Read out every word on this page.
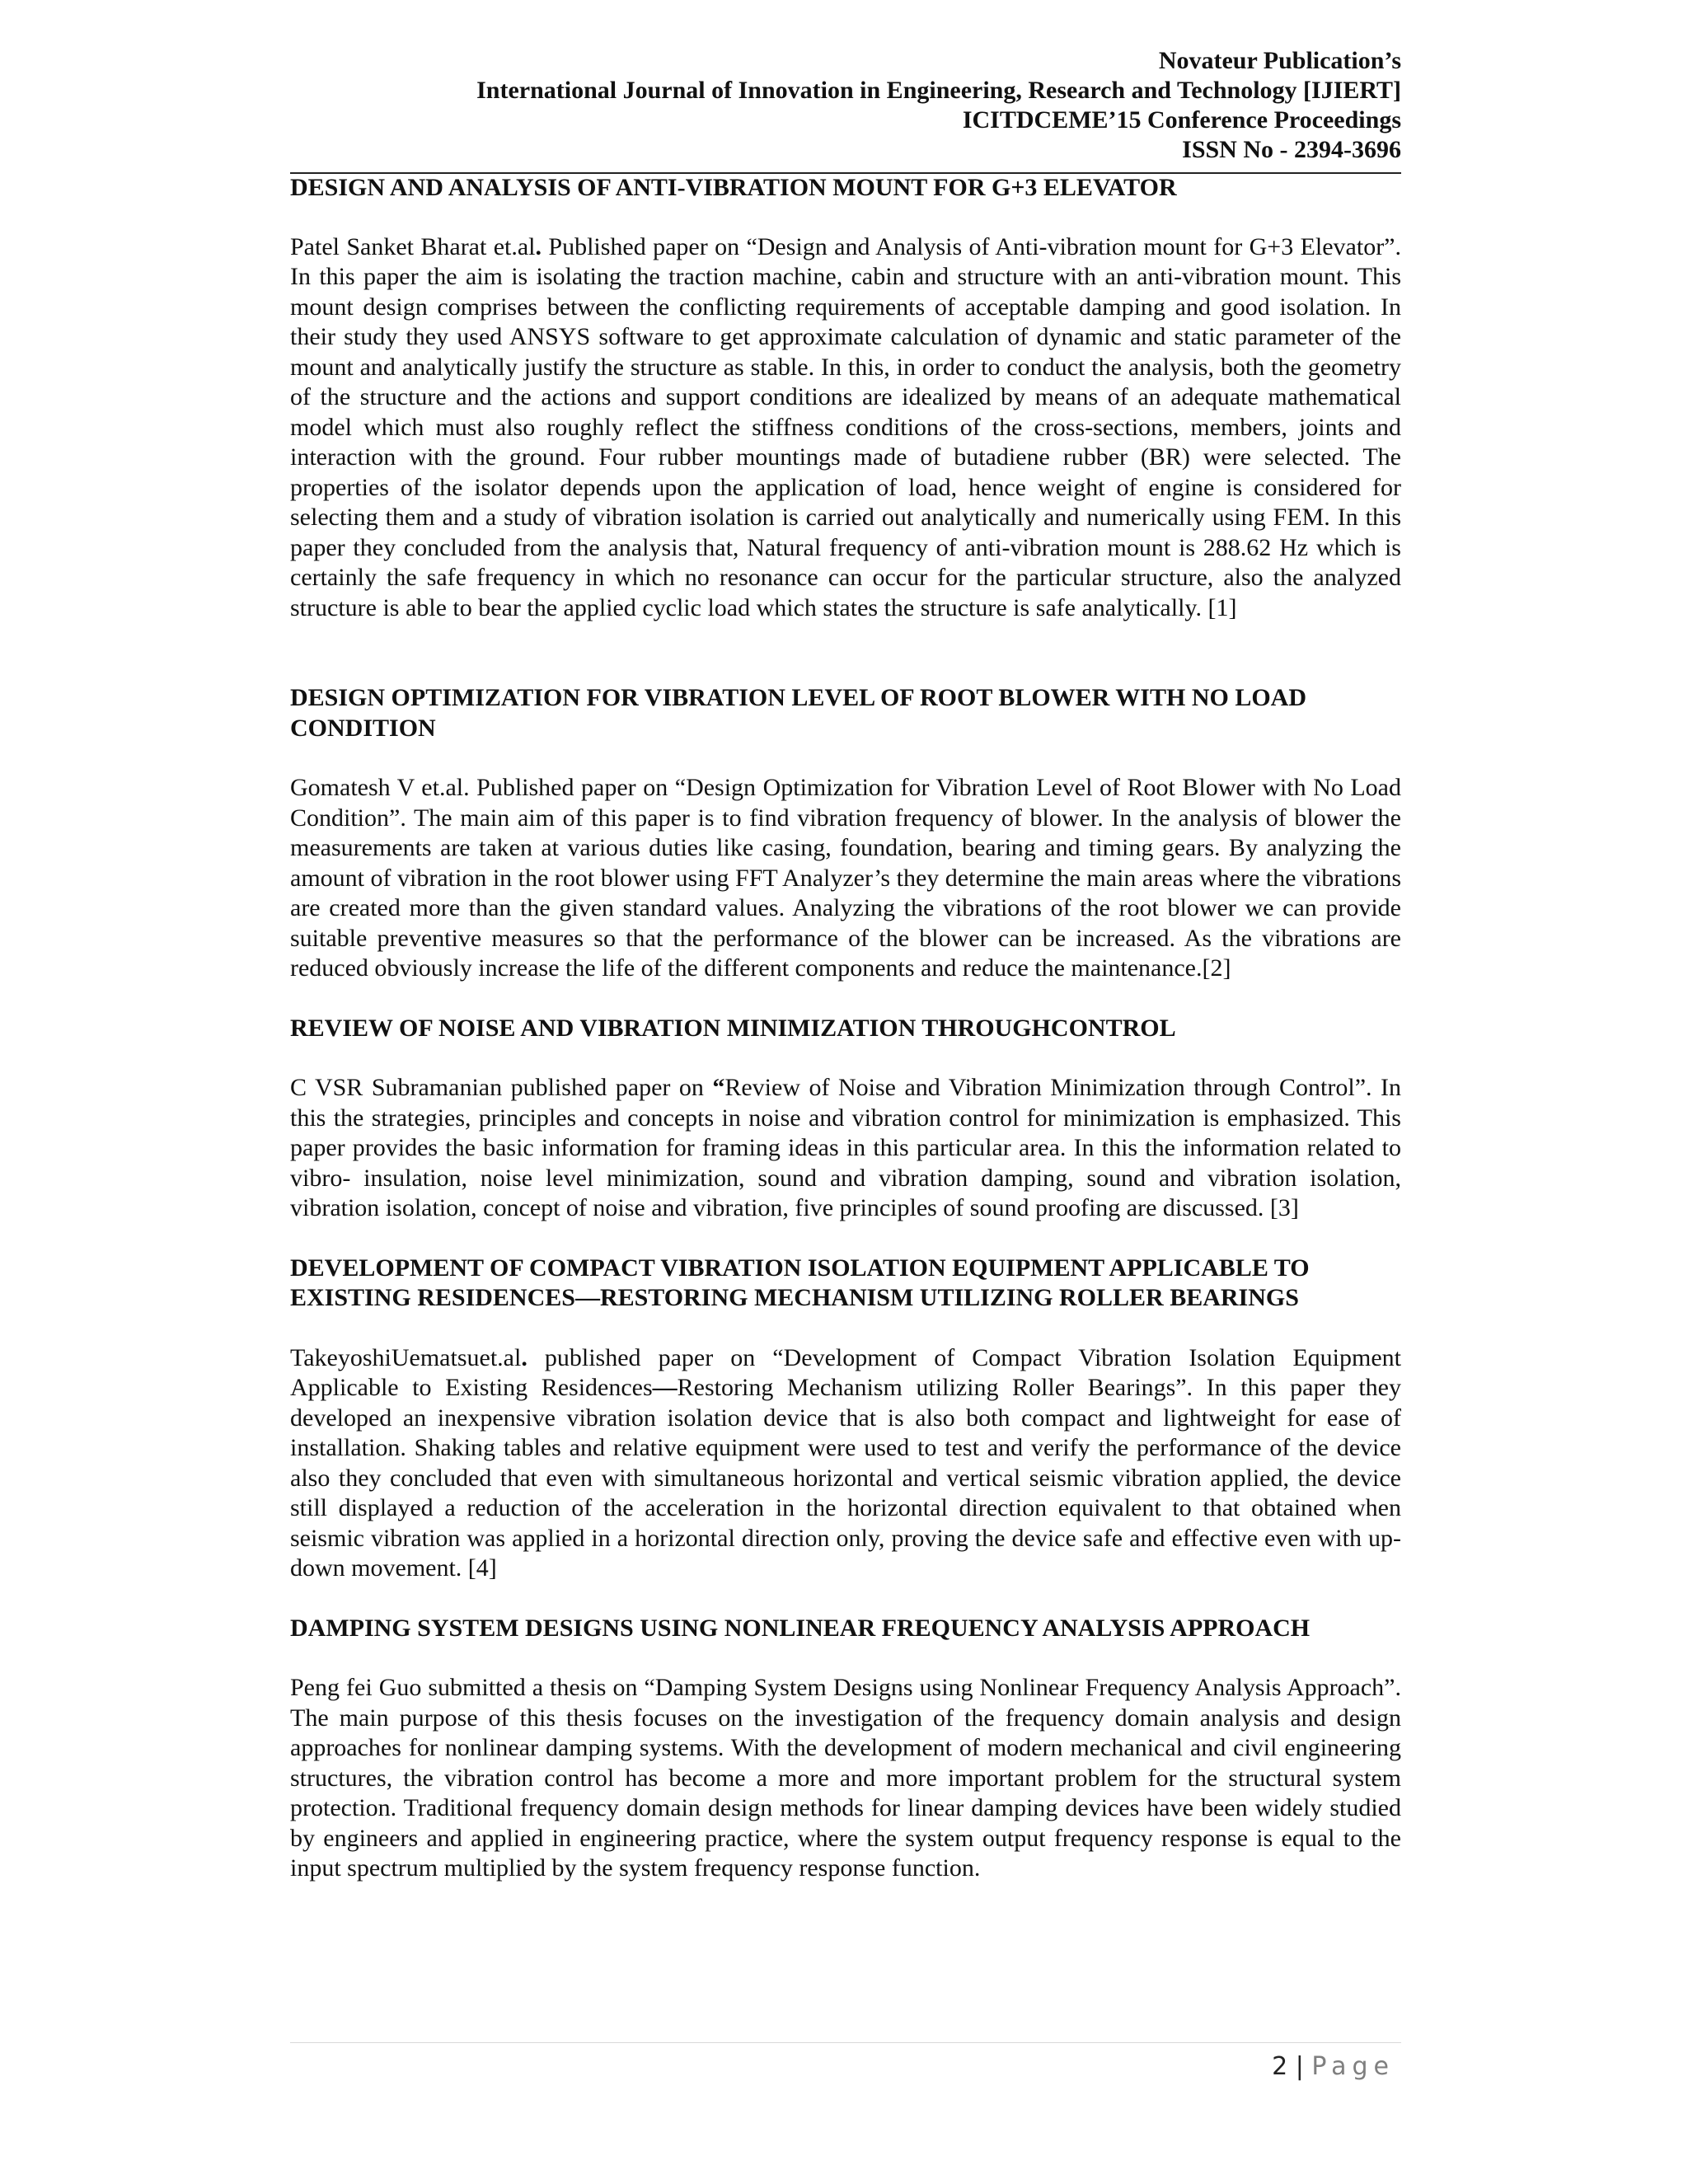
Novateur Publication’s
International Journal of Innovation in Engineering, Research and Technology [IJIERT]
ICITDCEME’15 Conference Proceedings
ISSN No - 2394-3696
DESIGN AND ANALYSIS OF ANTI-VIBRATION MOUNT FOR G+3 ELEVATOR

Patel Sanket Bharat et.al. Published paper on “Design and Analysis of Anti-vibration mount for G+3 Elevator”. In this paper the aim is isolating the traction machine, cabin and structure with an anti-vibration mount. This mount design comprises between the conflicting requirements of acceptable damping and good isolation. In their study they used ANSYS software to get approximate calculation of dynamic and static parameter of the mount and analytically justify the structure as stable. In this, in order to conduct the analysis, both the geometry of the structure and the actions and support conditions are idealized by means of an adequate mathematical model which must also roughly reflect the stiffness conditions of the cross-sections, members, joints and interaction with the ground. Four rubber mountings made of butadiene rubber (BR) were selected. The properties of the isolator depends upon the application of load, hence weight of engine is considered for selecting them and a study of vibration isolation is carried out analytically and numerically using FEM. In this paper they concluded from the analysis that, Natural frequency of anti-vibration mount is 288.62 Hz which is certainly the safe frequency in which no resonance can occur for the particular structure, also the analyzed structure is able to bear the applied cyclic load which states the structure is safe analytically. [1]

DESIGN OPTIMIZATION FOR VIBRATION LEVEL OF ROOT BLOWER WITH NO LOAD CONDITION

Gomatesh V et.al. Published paper on “Design Optimization for Vibration Level of Root Blower with No Load Condition”. The main aim of this paper is to find vibration frequency of blower. In the analysis of blower the measurements are taken at various duties like casing, foundation, bearing and timing gears. By analyzing the amount of vibration in the root blower using FFT Analyzer’s they determine the main areas where the vibrations are created more than the given standard values. Analyzing the vibrations of the root blower we can provide suitable preventive measures so that the performance of the blower can be increased. As the vibrations are reduced obviously increase the life of the different components and reduce the maintenance.[2]

REVIEW OF NOISE AND VIBRATION MINIMIZATION THROUGHCONTROL

C VSR Subramanian published paper on “Review of Noise and Vibration Minimization through Control”. In this the strategies, principles and concepts in noise and vibration control for minimization is emphasized. This paper provides the basic information for framing ideas in this particular area. In this the information related to vibro- insulation, noise level minimization, sound and vibration damping, sound and vibration isolation, vibration isolation, concept of noise and vibration, five principles of sound proofing are discussed. [3]

DEVELOPMENT OF COMPACT VIBRATION ISOLATION EQUIPMENT APPLICABLE TO EXISTING RESIDENCES—RESTORING MECHANISM UTILIZING ROLLER BEARINGS

TakeyoshiUematsuet.al. published paper on “Development of Compact Vibration Isolation Equipment Applicable to Existing Residences—Restoring Mechanism utilizing Roller Bearings”. In this paper they developed an inexpensive vibration isolation device that is also both compact and lightweight for ease of installation. Shaking tables and relative equipment were used to test and verify the performance of the device also they concluded that even with simultaneous horizontal and vertical seismic vibration applied, the device still displayed a reduction of the acceleration in the horizontal direction equivalent to that obtained when seismic vibration was applied in a horizontal direction only, proving the device safe and effective even with up-down movement. [4]

DAMPING SYSTEM DESIGNS USING NONLINEAR FREQUENCY ANALYSIS APPROACH

Peng fei Guo submitted a thesis on “Damping System Designs using Nonlinear Frequency Analysis Approach”. The main purpose of this thesis focuses on the investigation of the frequency domain analysis and design approaches for nonlinear damping systems. With the development of modern mechanical and civil engineering structures, the vibration control has become a more and more important problem for the structural system protection. Traditional frequency domain design methods for linear damping devices have been widely studied by engineers and applied in engineering practice, where the system output frequency response is equal to the input spectrum multiplied by the system frequency response function.

2 | Page
